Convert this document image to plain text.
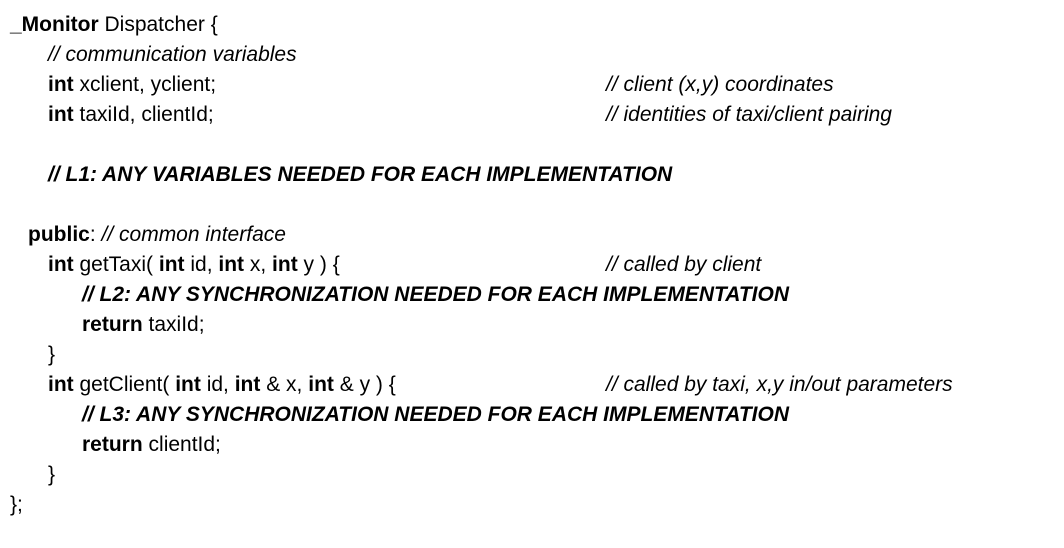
_Monitor Dispatcher {
// communication variables
int xclient, yclient;	// client (x,y) coordinates
int taxiId, clientId;	// identities of taxi/client pairing
// L1: ANY VARIABLES NEEDED FOR EACH IMPLEMENTATION
public: // common interface
int getTaxi( int id, int x, int y ) {	// called by client
// L2: ANY SYNCHRONIZATION NEEDED FOR EACH IMPLEMENTATION
return taxiId;
}
int getClient( int id, int & x, int & y ) {	// called by taxi, x,y in/out parameters
// L3: ANY SYNCHRONIZATION NEEDED FOR EACH IMPLEMENTATION
return clientId;
}
};
